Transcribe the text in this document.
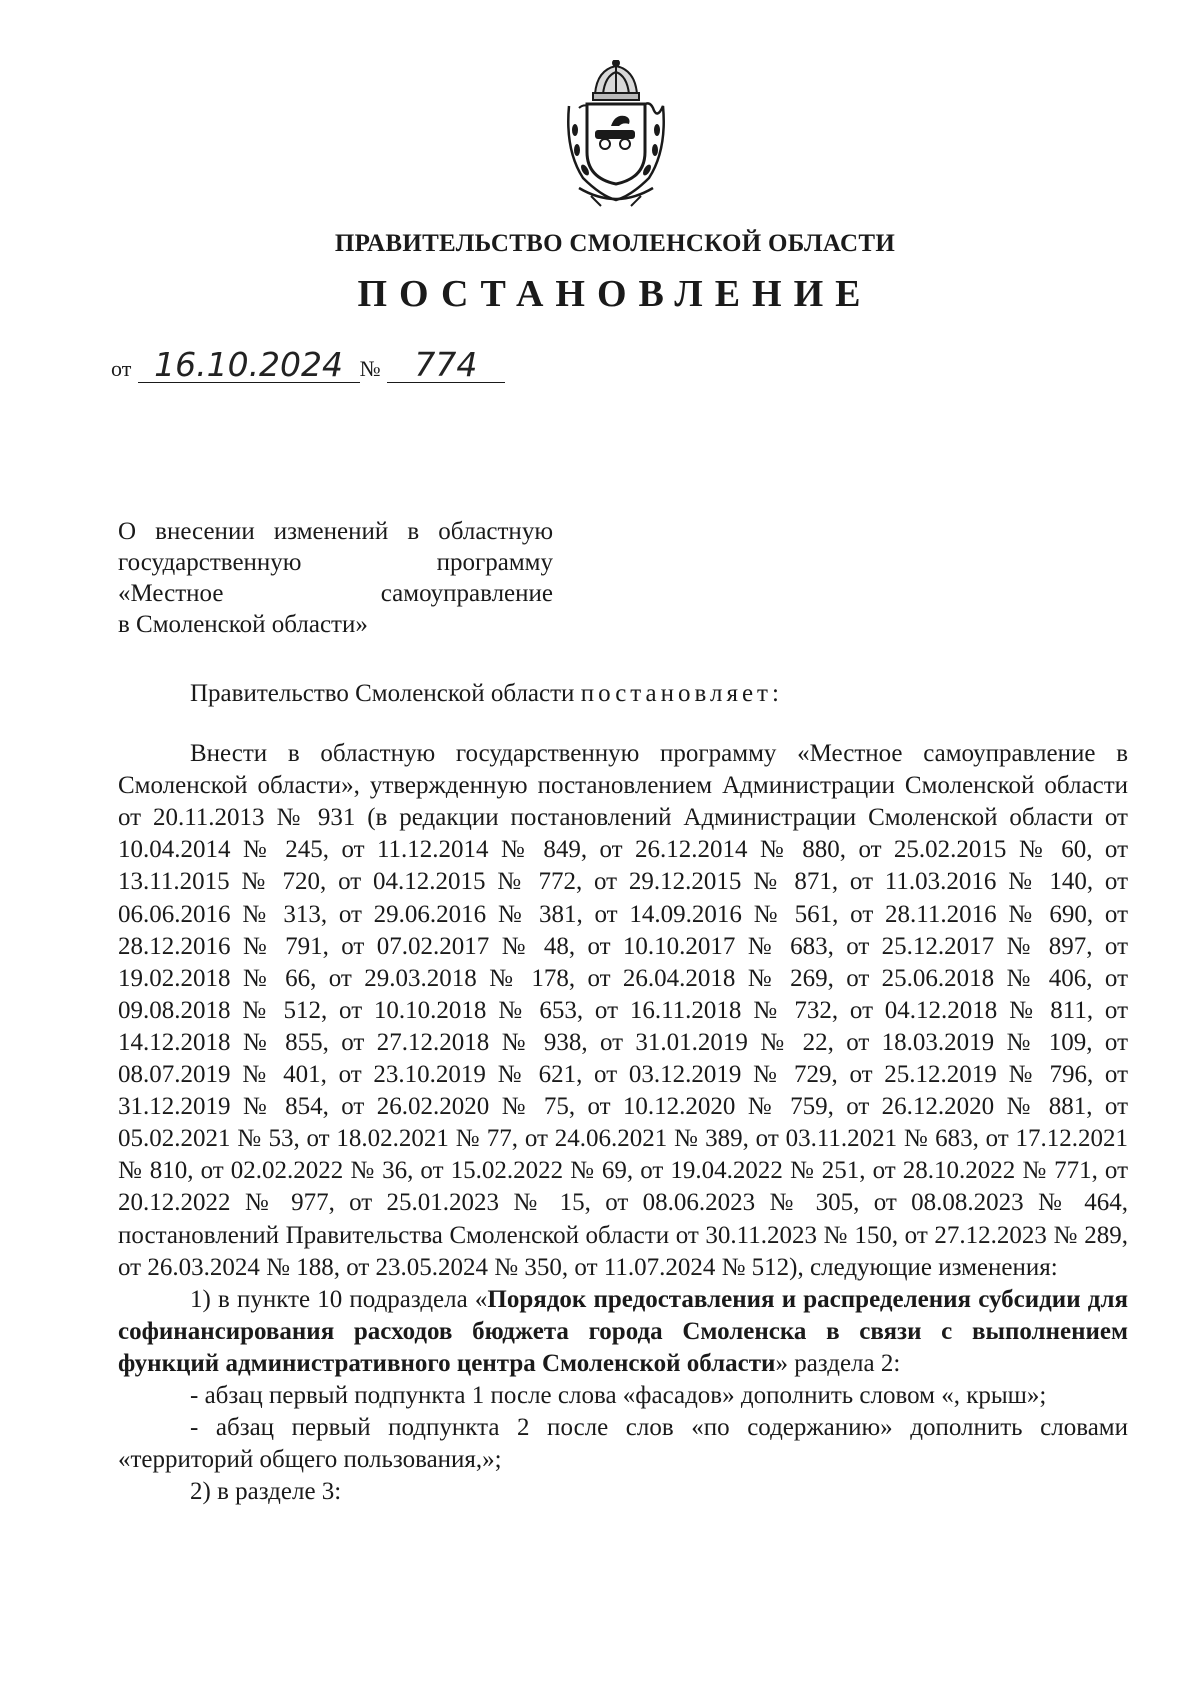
ПРАВИТЕЛЬСТВО СМОЛЕНСКОЙ ОБЛАСТИ
ПОСТАНОВЛЕНИЕ
от 16.10.2024 № 774
О внесении изменений в областную
государственную программу
«Местное самоуправление
в Смоленской области»

Правительство Смоленской области постановляет:

Внести в областную государственную программу «Местное самоуправление в Смоленской области», утвержденную постановлением Администрации Смоленской области от 20.11.2013 № 931 (в редакции постановлений Администрации Смоленской области от 10.04.2014 № 245, от 11.12.2014 № 849, от 26.12.2014 № 880, от 25.02.2015 № 60, от 13.11.2015 № 720, от 04.12.2015 № 772, от 29.12.2015 № 871, от 11.03.2016 № 140, от 06.06.2016 № 313, от 29.06.2016 № 381, от 14.09.2016 № 561, от 28.11.2016 № 690, от 28.12.2016 № 791, от 07.02.2017 № 48, от 10.10.2017 № 683, от 25.12.2017 № 897, от 19.02.2018 № 66, от 29.03.2018 № 178, от 26.04.2018 № 269, от 25.06.2018 № 406, от 09.08.2018 № 512, от 10.10.2018 № 653, от 16.11.2018 № 732, от 04.12.2018 № 811, от 14.12.2018 № 855, от 27.12.2018 № 938, от 31.01.2019 № 22, от 18.03.2019 № 109, от 08.07.2019 № 401, от 23.10.2019 № 621, от 03.12.2019 № 729, от 25.12.2019 № 796, от 31.12.2019 № 854, от 26.02.2020 № 75, от 10.12.2020 № 759, от 26.12.2020 № 881, от 05.02.2021 № 53, от 18.02.2021 № 77, от 24.06.2021 № 389, от 03.11.2021 № 683, от 17.12.2021 № 810, от 02.02.2022 № 36, от 15.02.2022 № 69, от 19.04.2022 № 251, от 28.10.2022 № 771, от 20.12.2022 № 977, от 25.01.2023 № 15, от 08.06.2023 № 305, от 08.08.2023 № 464, постановлений Правительства Смоленской области от 30.11.2023 № 150, от 27.12.2023 № 289, от 26.03.2024 № 188, от 23.05.2024 № 350, от 11.07.2024 № 512), следующие изменения:

1) в пункте 10 подраздела «Порядок предоставления и распределения субсидии для софинансирования расходов бюджета города Смоленска в связи с выполнением функций административного центра Смоленской области» раздела 2:

- абзац первый подпункта 1 после слова «фасадов» дополнить словом «, крыш»;

- абзац первый подпункта 2 после слов «по содержанию» дополнить словами «территорий общего пользования,»;

2) в разделе 3:
